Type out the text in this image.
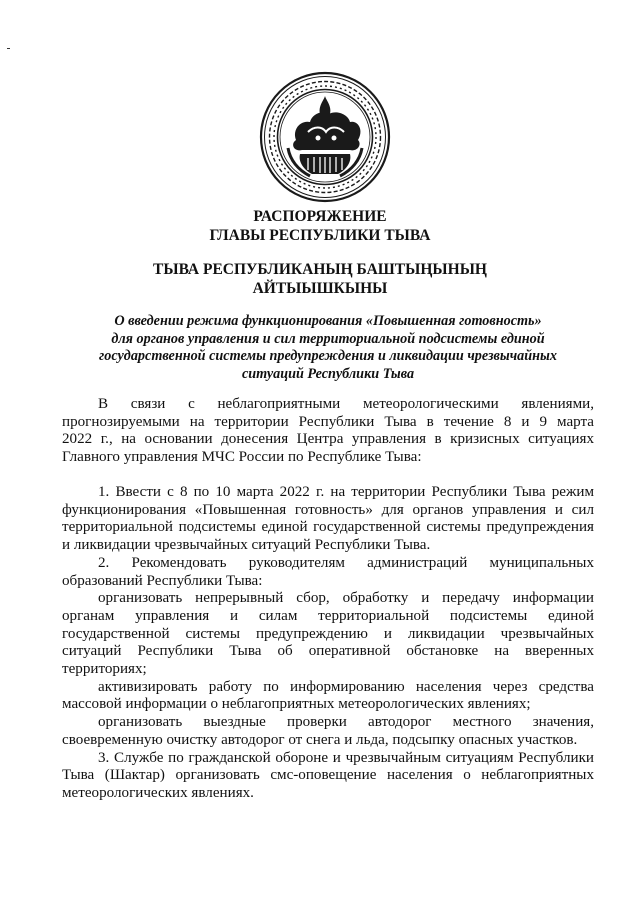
РАСПОРЯЖЕНИЕ
ГЛАВЫ РЕСПУБЛИКИ ТЫВА
ТЫВА РЕСПУБЛИКАНЫҢ БАШТЫҢЫНЫҢ
АЙТЫЫШКЫНЫ
О введении режима функционирования «Повышенная готовность»
для органов управления и сил территориальной подсистемы единой
государственной системы предупреждения и ликвидации чрезвычайных
ситуаций Республики Тыва
В связи с неблагоприятными метеорологическими явлениями,
прогнозируемыми на территории Республики Тыва в течение 8 и 9 марта
2022 г., на основании донесения Центра управления в кризисных ситуациях
Главного управления МЧС России по Республике Тыва:
1. Ввести с 8 по 10 марта 2022 г. на территории Республики Тыва режим
функционирования «Повышенная готовность» для органов управления и сил
территориальной подсистемы единой государственной системы предупреждения
и ликвидации чрезвычайных ситуаций Республики Тыва.
2. Рекомендовать руководителям администраций муниципальных
образований Республики Тыва:
организовать непрерывный сбор, обработку и передачу информации
органам управления и силам территориальной подсистемы единой
государственной системы предупреждению и ликвидации чрезвычайных
ситуаций Республики Тыва об оперативной обстановке на вверенных
территориях;
активизировать работу по информированию населения через средства
массовой информации о неблагоприятных метеорологических явлениях;
организовать выездные проверки автодорог местного значения,
своевременную очистку автодорог от снега и льда, подсыпку опасных участков.
3. Службе по гражданской обороне и чрезвычайным ситуациям Республики
Тыва (Шактар) организовать смс-оповещение населения о неблагоприятных
метеорологических явлениях.
